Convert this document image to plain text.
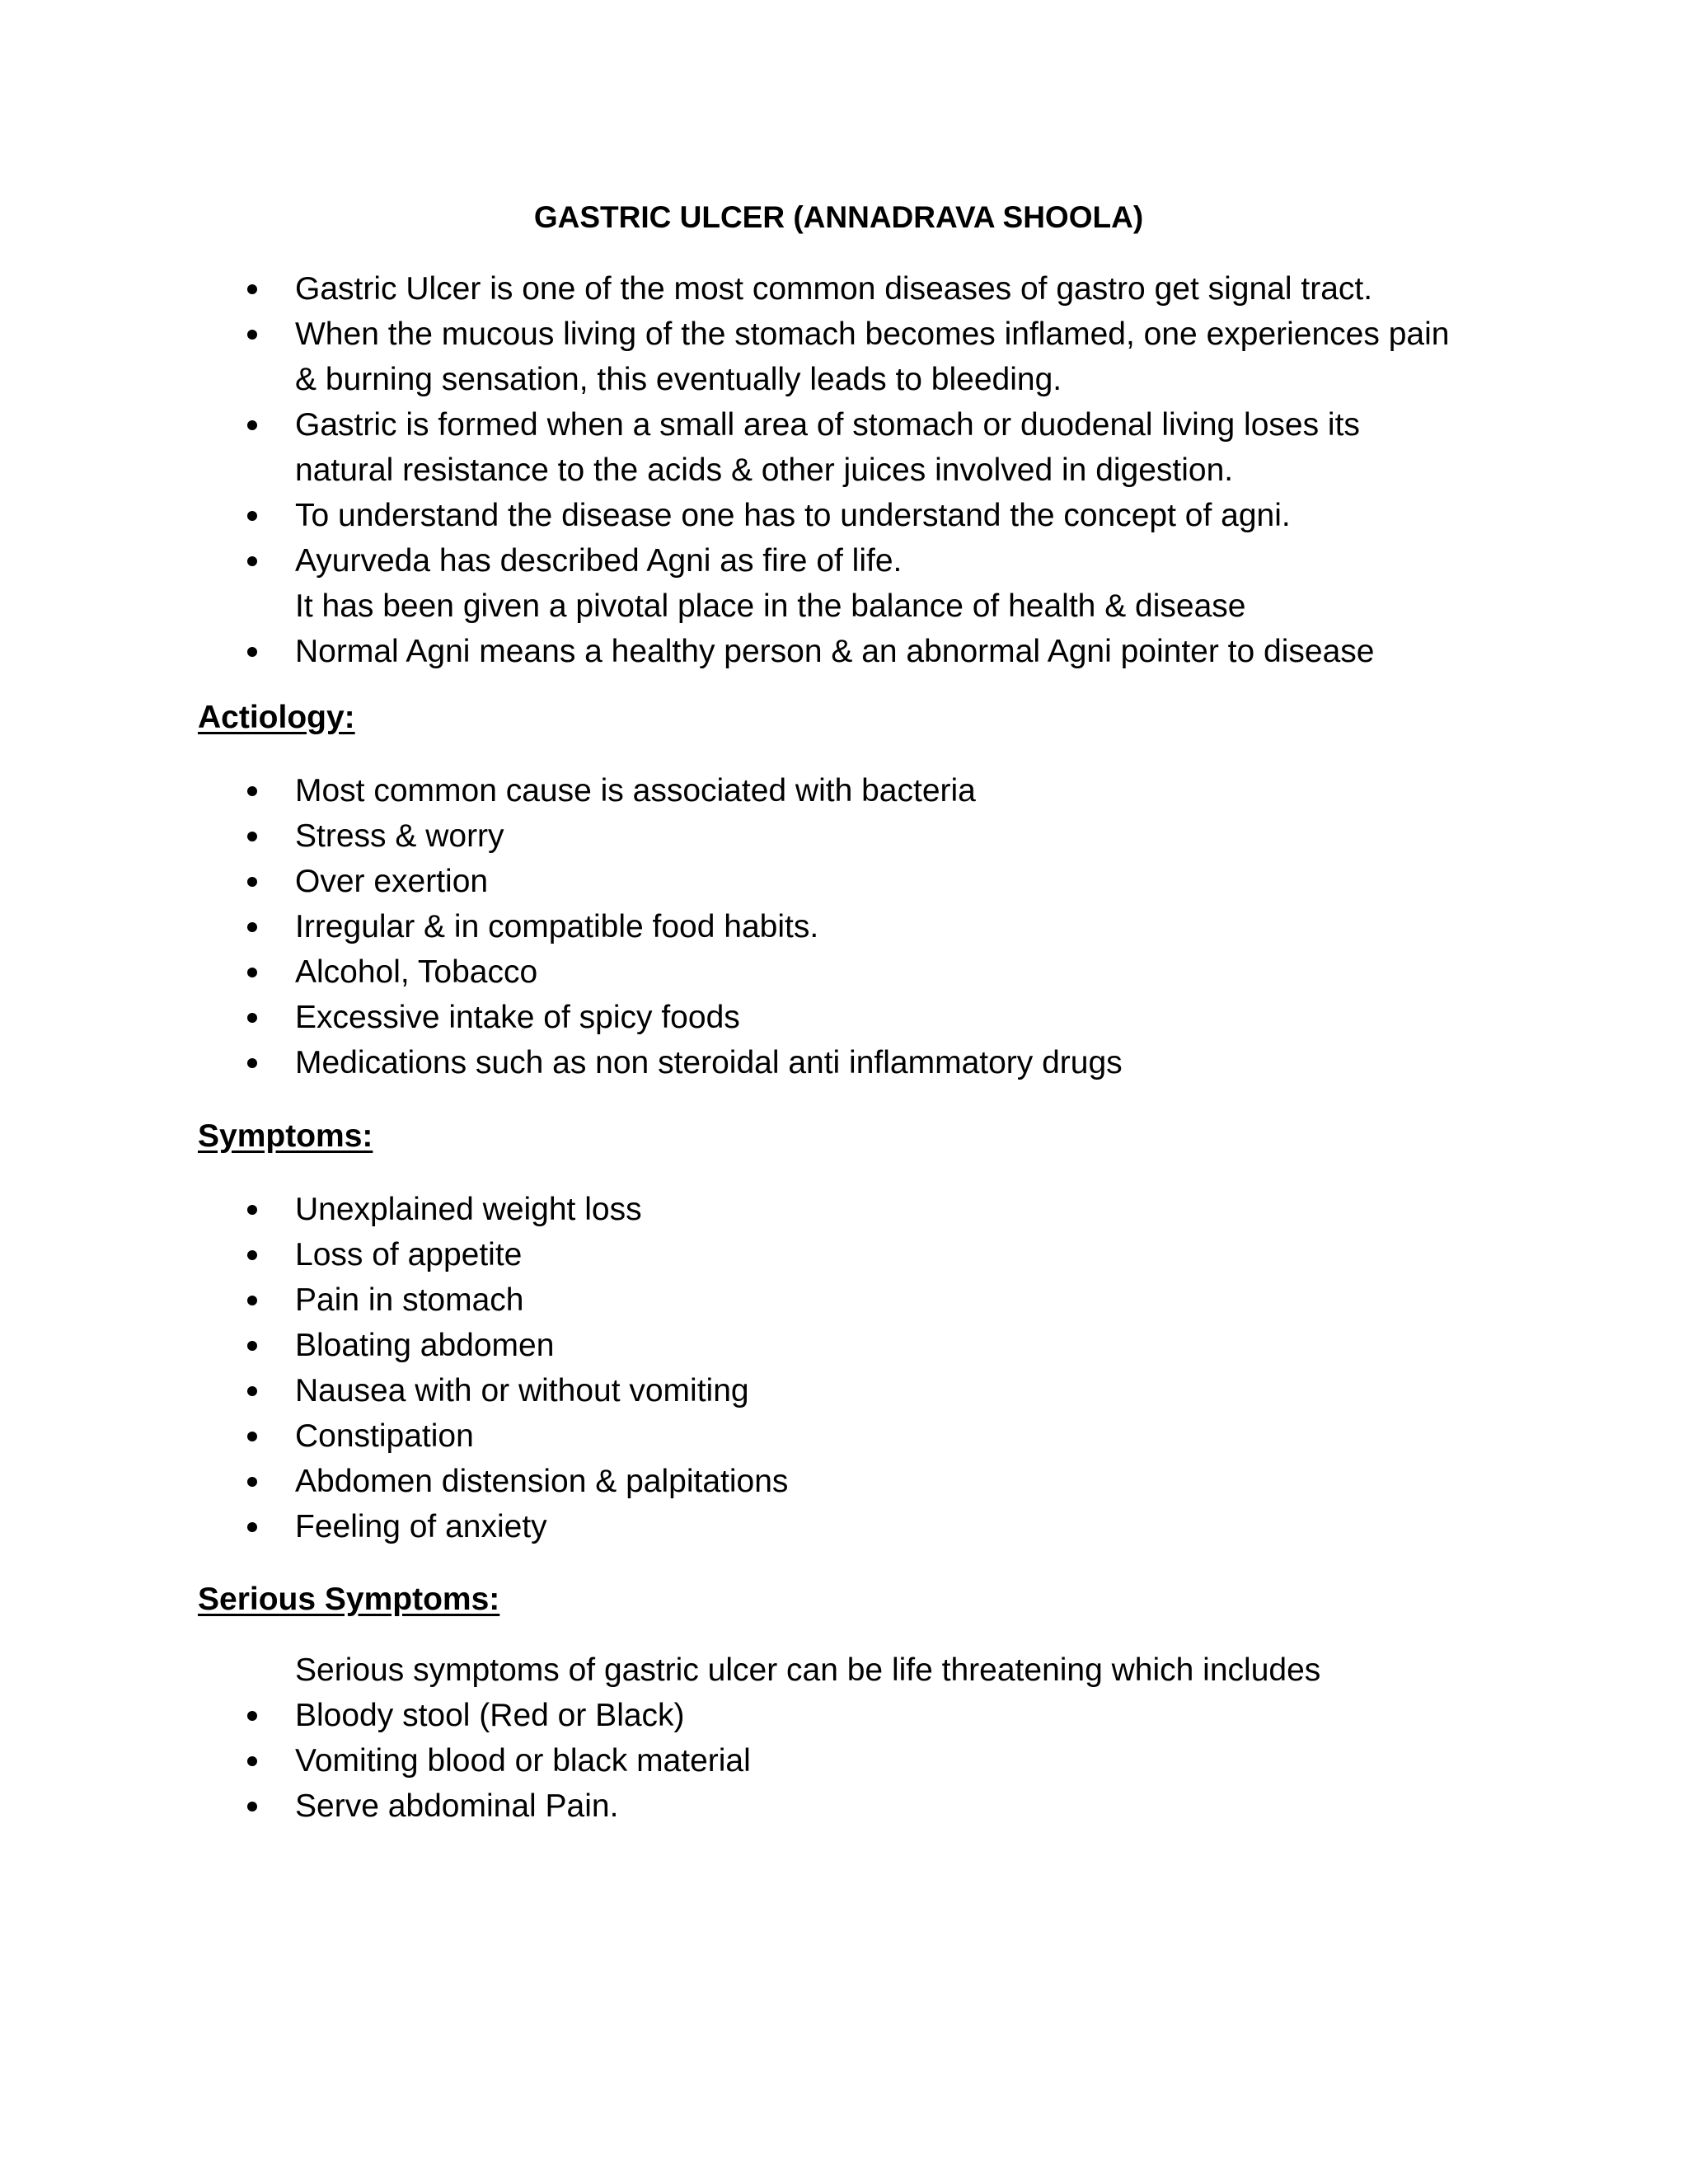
GASTRIC ULCER (ANNADRAVA SHOOLA)
Gastric Ulcer is one of the most common diseases of gastro get signal tract.
When the mucous living of the stomach becomes inflamed, one experiences pain
& burning sensation, this eventually leads to bleeding.
Gastric is formed when a small area of stomach or duodenal living loses its
natural resistance to the acids & other juices involved in digestion.
To understand the disease one has to understand the concept of agni.
Ayurveda has described Agni as fire of life.
It has been given a pivotal place in the balance of health & disease
Normal Agni means a healthy person & an abnormal Agni pointer to disease
Actiology:
Most common cause is associated with bacteria
Stress & worry
Over exertion
Irregular & in compatible food habits.
Alcohol, Tobacco
Excessive intake of spicy foods
Medications such as non steroidal anti inflammatory drugs
Symptoms:
Unexplained weight loss
Loss of appetite
Pain in stomach
Bloating abdomen
Nausea with or without vomiting
Constipation
Abdomen distension & palpitations
Feeling of anxiety
Serious Symptoms:

Serious symptoms of gastric ulcer can be life threatening which includes

Bloody stool (Red or Black)
Vomiting blood or black material
Serve abdominal Pain.
